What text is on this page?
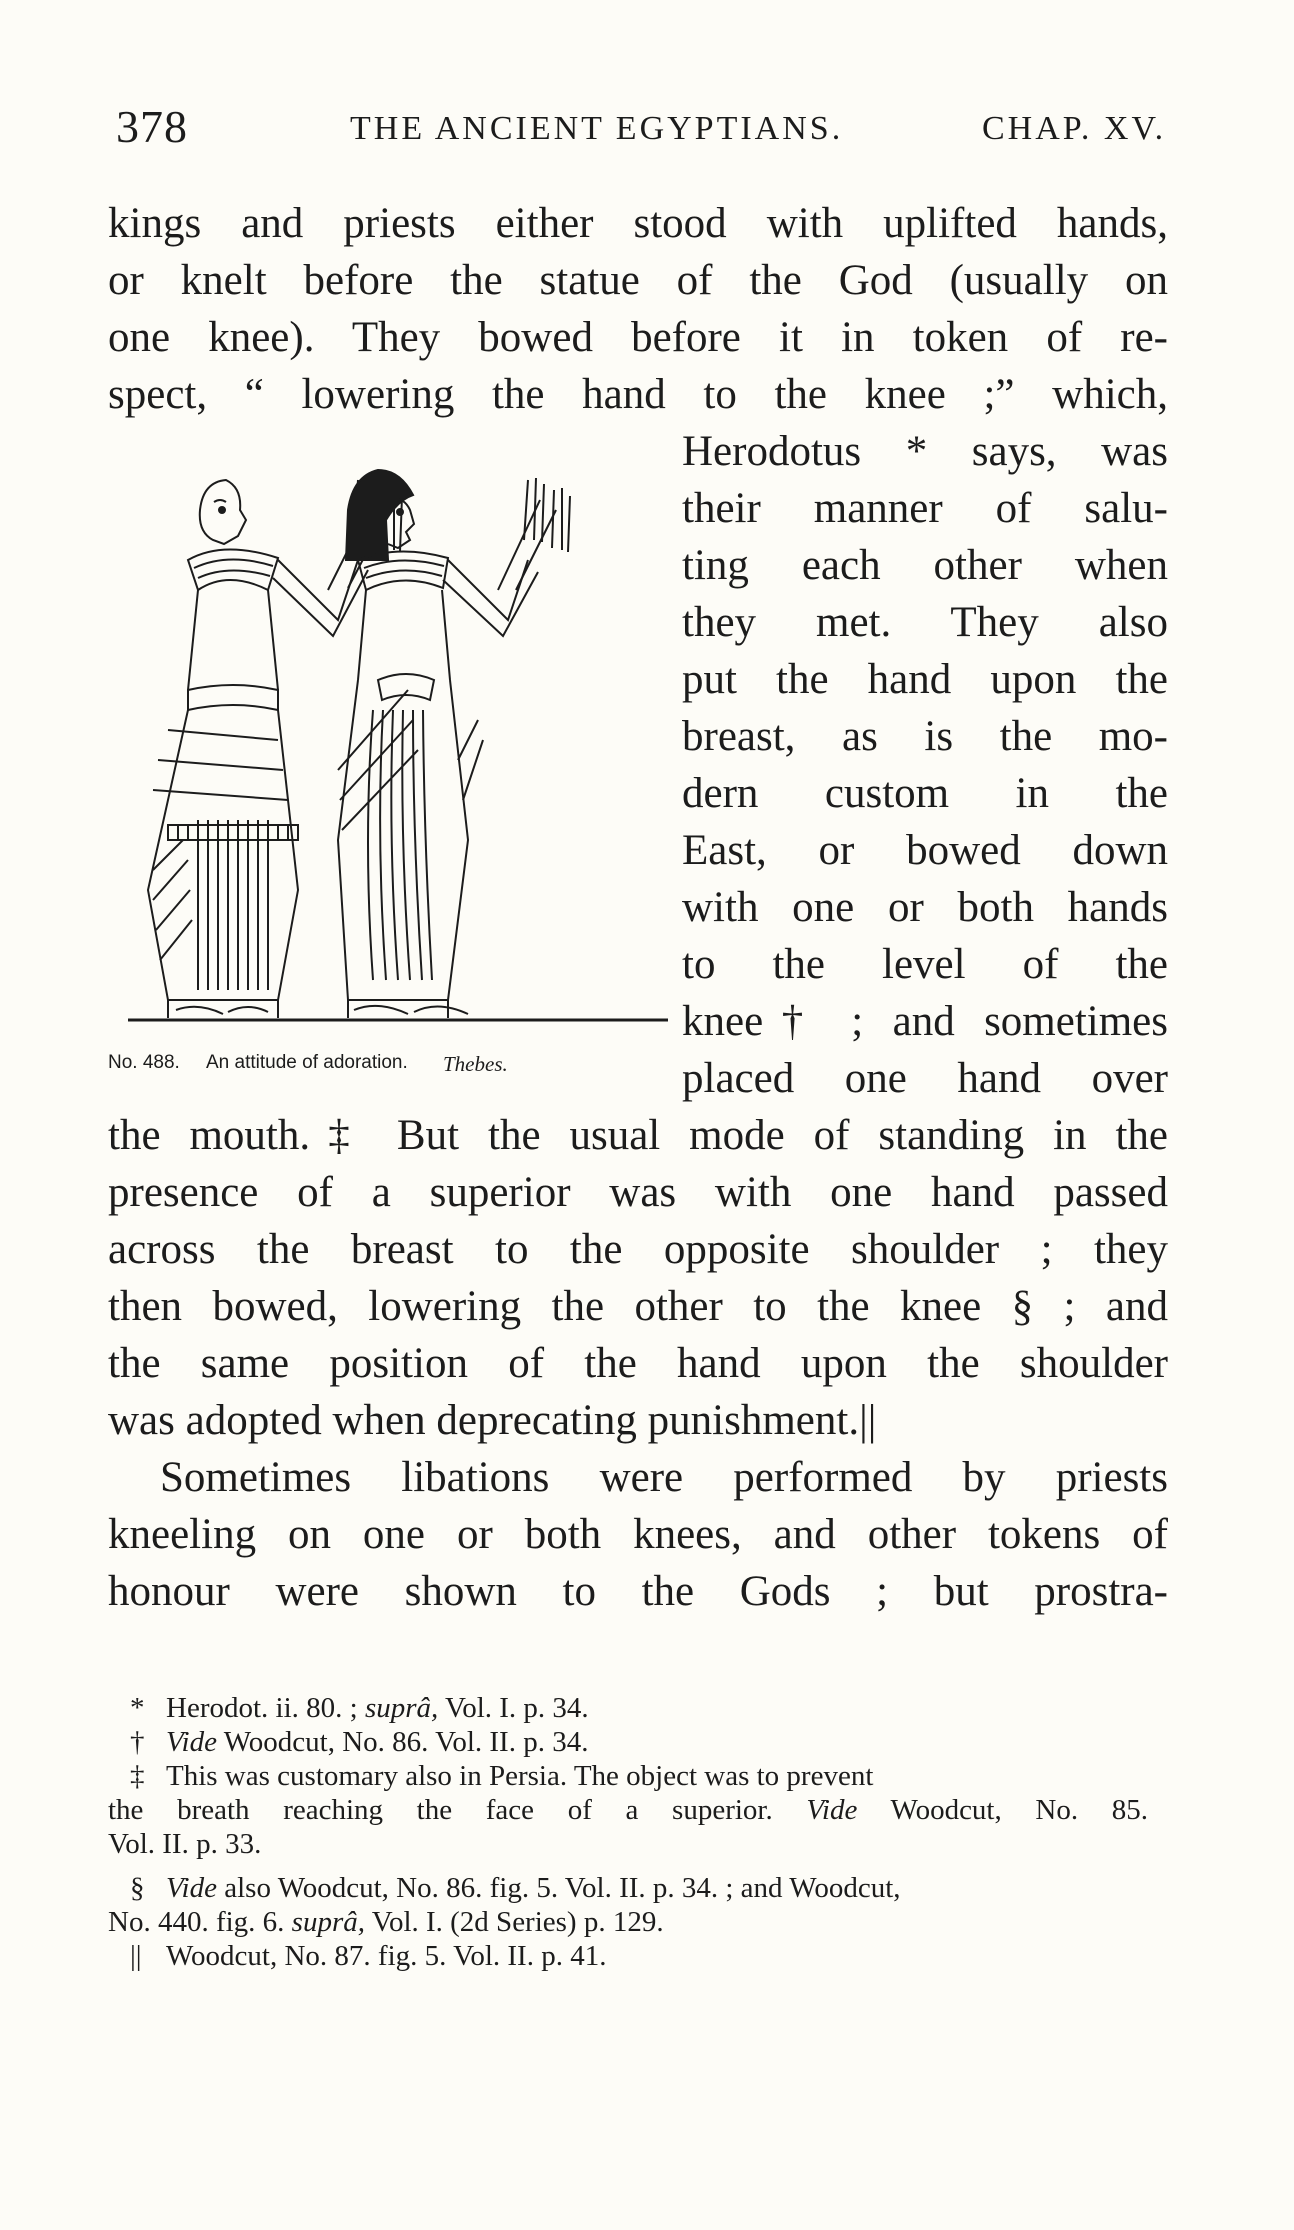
378	THE ANCIENT EGYPTIANS.	CHAP. XV.
kings and priests either stood with uplifted hands,
or knelt before the statue of the God (usually on
one knee). They bowed before it in token of re-
spect, “ lowering the hand to the knee ;” which,
Herodotus * says, was
their manner of salu-
ting each other when
they met. They also
put the hand upon the
breast, as is the mo-
dern custom in the
East, or bowed down
with one or both hands
to the level of the
knee† ; and sometimes
placed one hand over
the mouth.‡ But the usual mode of standing in the
presence of a superior was with one hand passed
across the breast to the opposite shoulder ; they
then bowed, lowering the other to the knee § ; and
the same position of the hand upon the shoulder
was adopted when deprecating punishment.||
Sometimes libations were performed by priests
kneeling on one or both knees, and other tokens of
honour were shown to the Gods ; but prostra-
No. 488. An attitude of adoration. Thebes.
* Herodot. ii. 80. ; suprâ, Vol. I. p. 34.
† Vide Woodcut, No. 86. Vol. II. p. 34.
‡ This was customary also in Persia. The object was to prevent
the breath reaching the face of a superior. Vide Woodcut, No. 85.
Vol. II. p. 33.
§ Vide also Woodcut, No. 86. fig. 5. Vol. II. p. 34. ; and Woodcut,
No. 440. fig. 6. suprâ, Vol. I. (2d Series) p. 129.
|| Woodcut, No. 87. fig. 5. Vol. II. p. 41.
